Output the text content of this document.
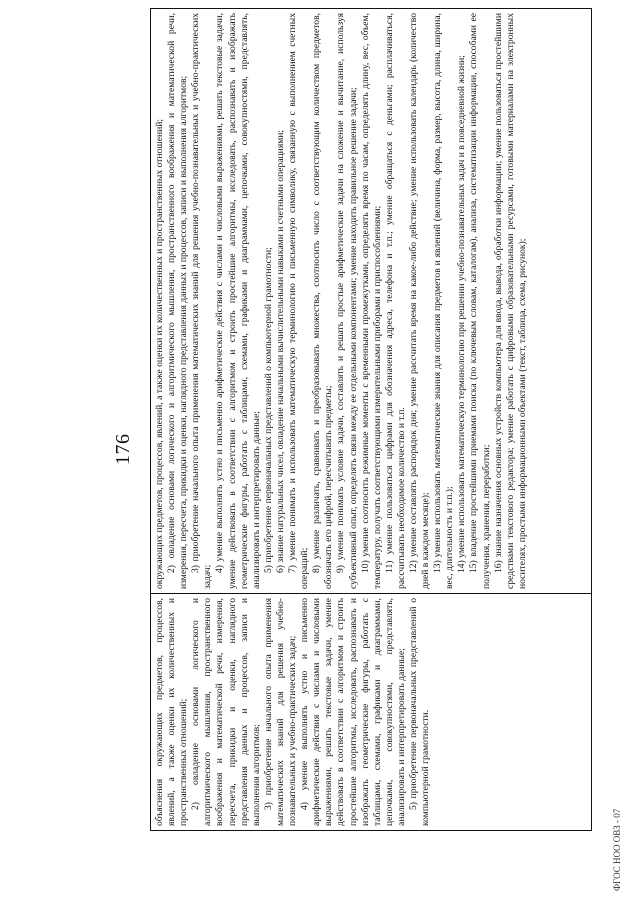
176

объяснения окружающих предметов, процессов, явлений, а также оценки их количественных и пространственных отношений; 2) овладение основами логического и алгоритмического мышления, пространственного воображения и математической речи, измерения, пересчета, прикидки и оценки, наглядного представления данных и процессов, записи и выполнения алгоритмов; 3) приобретение начального опыта применения математических знаний для решения учебно-познавательных и учебно-практических задач; 4) умение выполнять устно и письменно арифметические действия с числами и числовыми выражениями, решать текстовые задачи, умение действовать в соответствии с алгоритмом и строить простейшие алгоритмы, исследовать, распознавать и изображать геометрические фигуры, работать с таблицами, схемами, графиками и диаграммами, цепочками, совокупностями, представлять, анализировать и интерпретировать данные; 5) приобретение первоначальных представлений о компьютерной грамотности.

окружающих предметов, процессов, явлений, а также оценки их количественных и пространственных отношений; 2) овладение основами логического и алгоритмического мышления, пространственного воображения и математической речи, измерения, пересчета, прикидки и оценки, наглядного представления данных и процессов, записи и выполнения алгоритмов; 3) приобретение начального опыта применения математических знаний для решения учебно-познавательных и учебно-практических задач;

4) умение выполнять устно и письменно арифметические действия с числами и числовыми выражениями, решать текстовые задачи, умение действовать в соответствии с алгоритмом и строить простейшие алгоритмы, исследовать, распознавать и изображать геометрические фигуры, работать с таблицами, схемами, графиками и диаграммами, цепочками, совокупностями, представлять, анализировать и интерпретировать данные; 5) приобретение первоначальных представлений о компьютерной грамотности; 6) знание натуральных чисел, овладение начальными вычислительными навыками и счетными операциями; 7) умение понимать и использовать математическую терминологию и письменную символику, связанную с выполнением счетных операций; 8) умение различать, сравнивать и преобразовывать множества, соотносить число с соответствующим количеством предметов, обозначать его цифрой, пересчитывать предметы; 9) умение понимать условие задачи, составлять и решать простые арифметические задачи на сложение и вычитание, используя субъективный опыт, определять связи между ее отдельными компонентами; умение находить правильное решение задачи; 10) умение соотносить режимные моменты с временными промежутками, определять время по часам, определять длину, вес, объем, температуру, получать соответствующими измерительными приборами и приспособлениями; 11) умение пользоваться цифрами для обозначения адреса, телефона и т.п.; умение обращаться с деньгами; расплачиваться, рассчитывать необходимое количество и т.п. 12) умение составлять распорядок дня; умение рассчитать время на какое-либо действие; умение использовать календарь (количество дней в каждом месяце); 13) умение использовать математические знания для описания предметов и явлений (величина, форма, размер, высота, длина, ширина, вес, длительность и т.п.); 14) умение использовать математическую терминологию при решении учебно-познавательных задач и в повседневной жизни; 15) владение простейшими приемами поиска (по ключевым словам, каталогам), анализа, систематизации информации, способами ее получения, хранения, переработки; 16) знание назначения основных устройств компьютера для ввода, вывода, обработки информации; умение пользоваться простейшими средствами текстового редактора; умение работать с цифровыми образовательными ресурсами, готовыми материалами на электронных носителях, простыми информационными объектами (текст, таблица, схема, рисунок);

ФГОС НОО ОВЗ - 07
